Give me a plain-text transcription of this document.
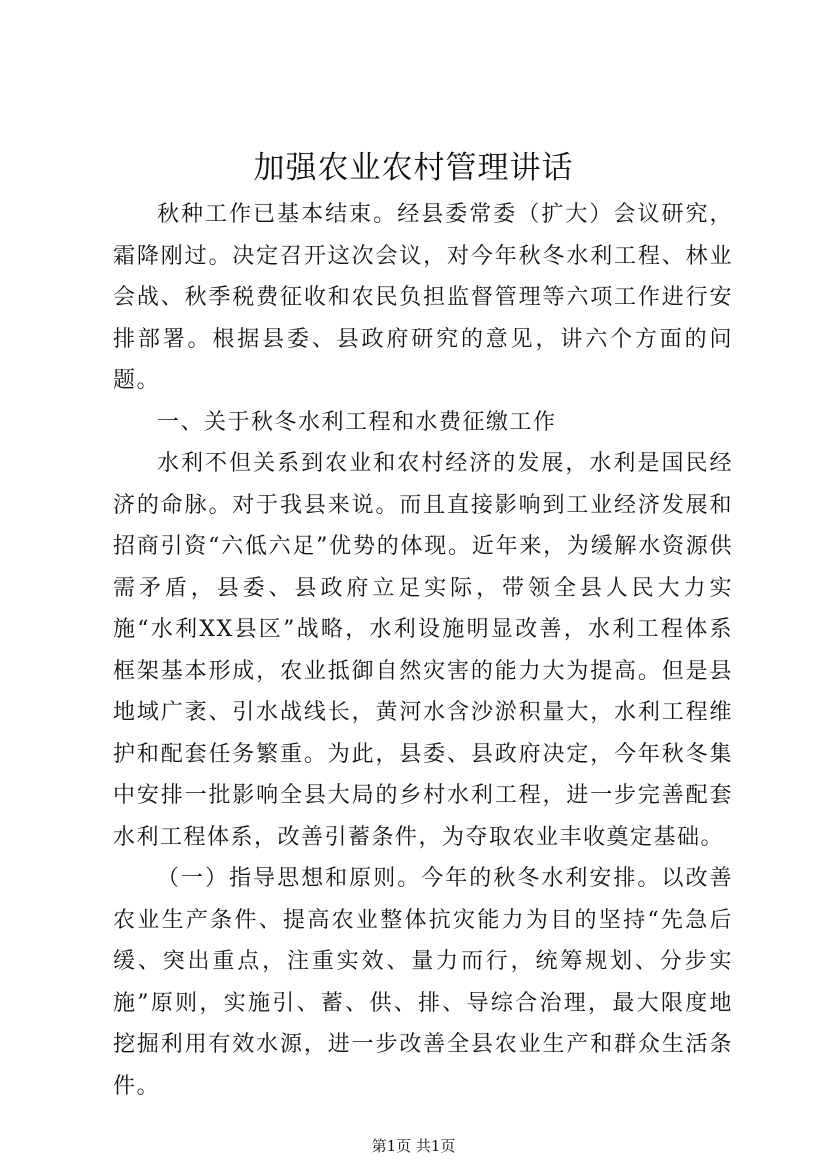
加强农业农村管理讲话

秋种工作已基本结束。经县委常委（扩大）会议研究，霜降刚过。决定召开这次会议，对今年秋冬水利工程、林业会战、秋季税费征收和农民负担监督管理等六项工作进行安排部署。根据县委、县政府研究的意见，讲六个方面的问题。

一、关于秋冬水利工程和水费征缴工作

水利不但关系到农业和农村经济的发展，水利是国民经济的命脉。对于我县来说。而且直接影响到工业经济发展和招商引资“六低六足”优势的体现。近年来，为缓解水资源供需矛盾，县委、县政府立足实际，带领全县人民大力实施“水利XX县区”战略，水利设施明显改善，水利工程体系框架基本形成，农业抵御自然灾害的能力大为提高。但是县地域广袤、引水战线长，黄河水含沙淤积量大，水利工程维护和配套任务繁重。为此，县委、县政府决定，今年秋冬集中安排一批影响全县大局的乡村水利工程，进一步完善配套水利工程体系，改善引蓄条件，为夺取农业丰收奠定基础。

（一）指导思想和原则。今年的秋冬水利安排。以改善农业生产条件、提高农业整体抗灾能力为目的坚持“先急后缓、突出重点，注重实效、量力而行，统筹规划、分步实施”原则，实施引、蓄、供、排、导综合治理，最大限度地挖掘利用有效水源，进一步改善全县农业生产和群众生活条件。

第1页 共1页
